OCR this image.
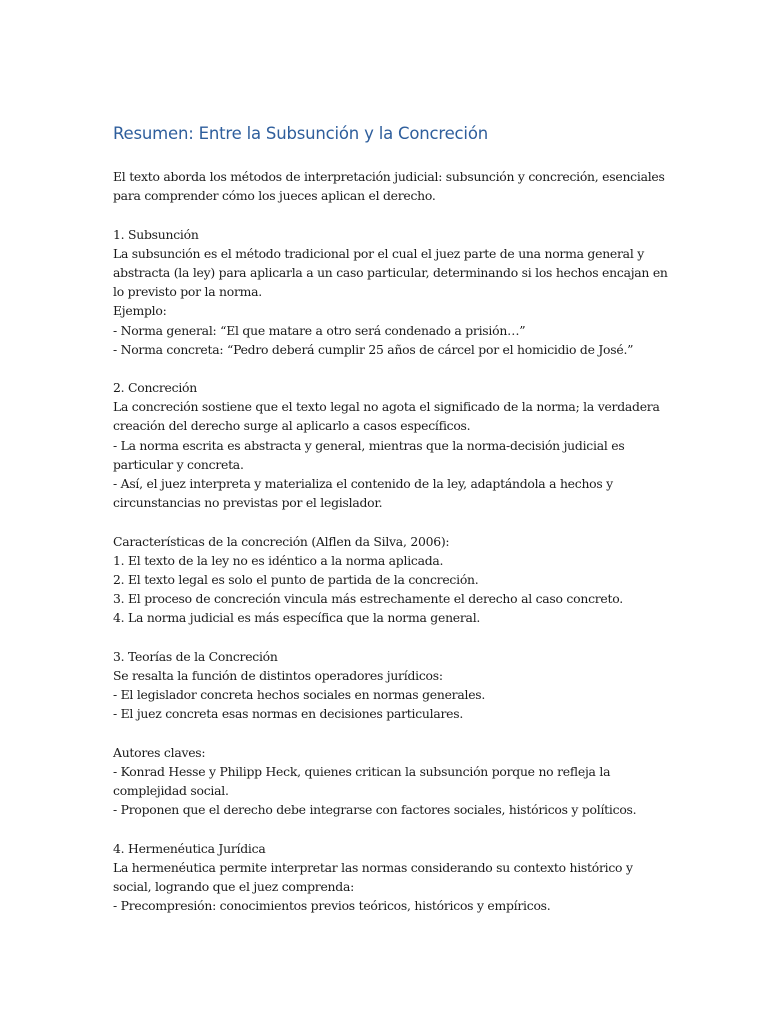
Resumen: Entre la Subsunción y la Concreción
El texto aborda los métodos de interpretación judicial: subsunción y concreción, esenciales
para comprender cómo los jueces aplican el derecho.
1. Subsunción
La subsunción es el método tradicional por el cual el juez parte de una norma general y
abstracta (la ley) para aplicarla a un caso particular, determinando si los hechos encajan en
lo previsto por la norma.
Ejemplo:
- Norma general: “El que matare a otro será condenado a prisión…”
- Norma concreta: “Pedro deberá cumplir 25 años de cárcel por el homicidio de José.”
2. Concreción
La concreción sostiene que el texto legal no agota el significado de la norma; la verdadera
creación del derecho surge al aplicarlo a casos específicos.
- La norma escrita es abstracta y general, mientras que la norma-decisión judicial es
particular y concreta.
- Así, el juez interpreta y materializa el contenido de la ley, adaptándola a hechos y
circunstancias no previstas por el legislador.
Características de la concreción (Alflen da Silva, 2006):
1. El texto de la ley no es idéntico a la norma aplicada.
2. El texto legal es solo el punto de partida de la concreción.
3. El proceso de concreción vincula más estrechamente el derecho al caso concreto.
4. La norma judicial es más específica que la norma general.
3. Teorías de la Concreción
Se resalta la función de distintos operadores jurídicos:
- El legislador concreta hechos sociales en normas generales.
- El juez concreta esas normas en decisiones particulares.
Autores claves:
- Konrad Hesse y Philipp Heck, quienes critican la subsunción porque no refleja la
complejidad social.
- Proponen que el derecho debe integrarse con factores sociales, históricos y políticos.
4. Hermenéutica Jurídica
La hermenéutica permite interpretar las normas considerando su contexto histórico y
social, logrando que el juez comprenda:
- Precompresión: conocimientos previos teóricos, históricos y empíricos.
